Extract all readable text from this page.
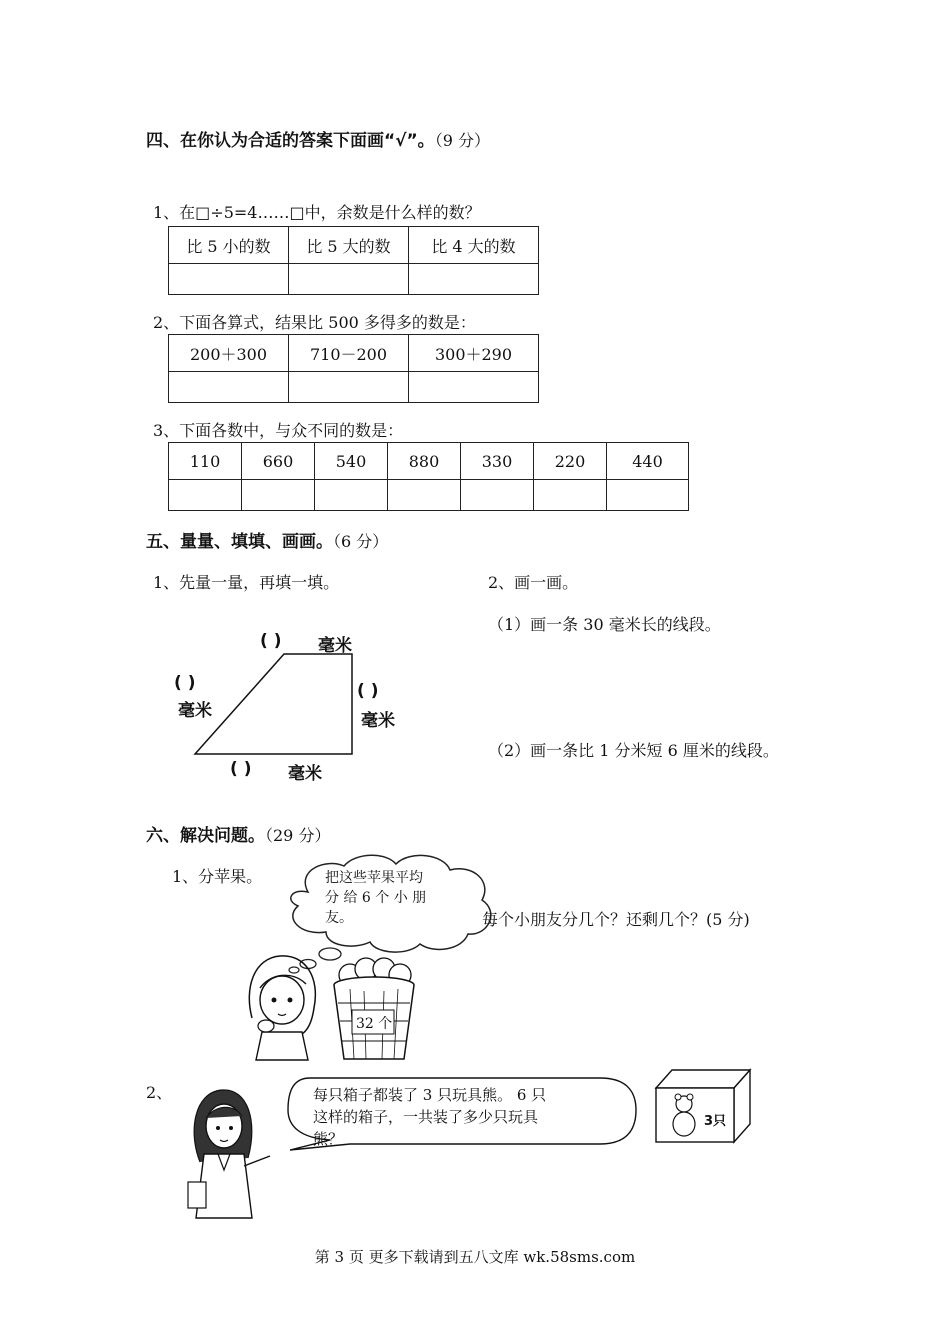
四、在你认为合适的答案下面画“√”。（9 分）
1、在□÷5=4……□中，余数是什么样的数？
比 5 小的数	比 5 大的数	比 4 大的数

2、下面各算式，结果比 500 多得多的数是：
200＋300	710－200	300＋290

3、下面各数中，与众不同的数是：
110	660	540	880	330	220	440

五、量量、填填、画画。（6 分）
1、先量一量，再填一填。	2、画一画。
（1）画一条 30 毫米长的线段。
（2）画一条比 1 分米短 6 厘米的线段。
( ) 毫米
( )
毫米
( )
毫米
( ) 毫米
六、解决问题。（29 分）
1、分苹果。	把这些苹果平均
分 给 6 个 小 朋
友。	每个小朋友分几个？还剩几个？(5 分)
32 个
2、	每只箱子都装了 3 只玩具熊。 6 只
这样的箱子，一共装了多少只玩具
熊？
3只
第 3 页 更多下载请到五八文库 wk.58sms.com
